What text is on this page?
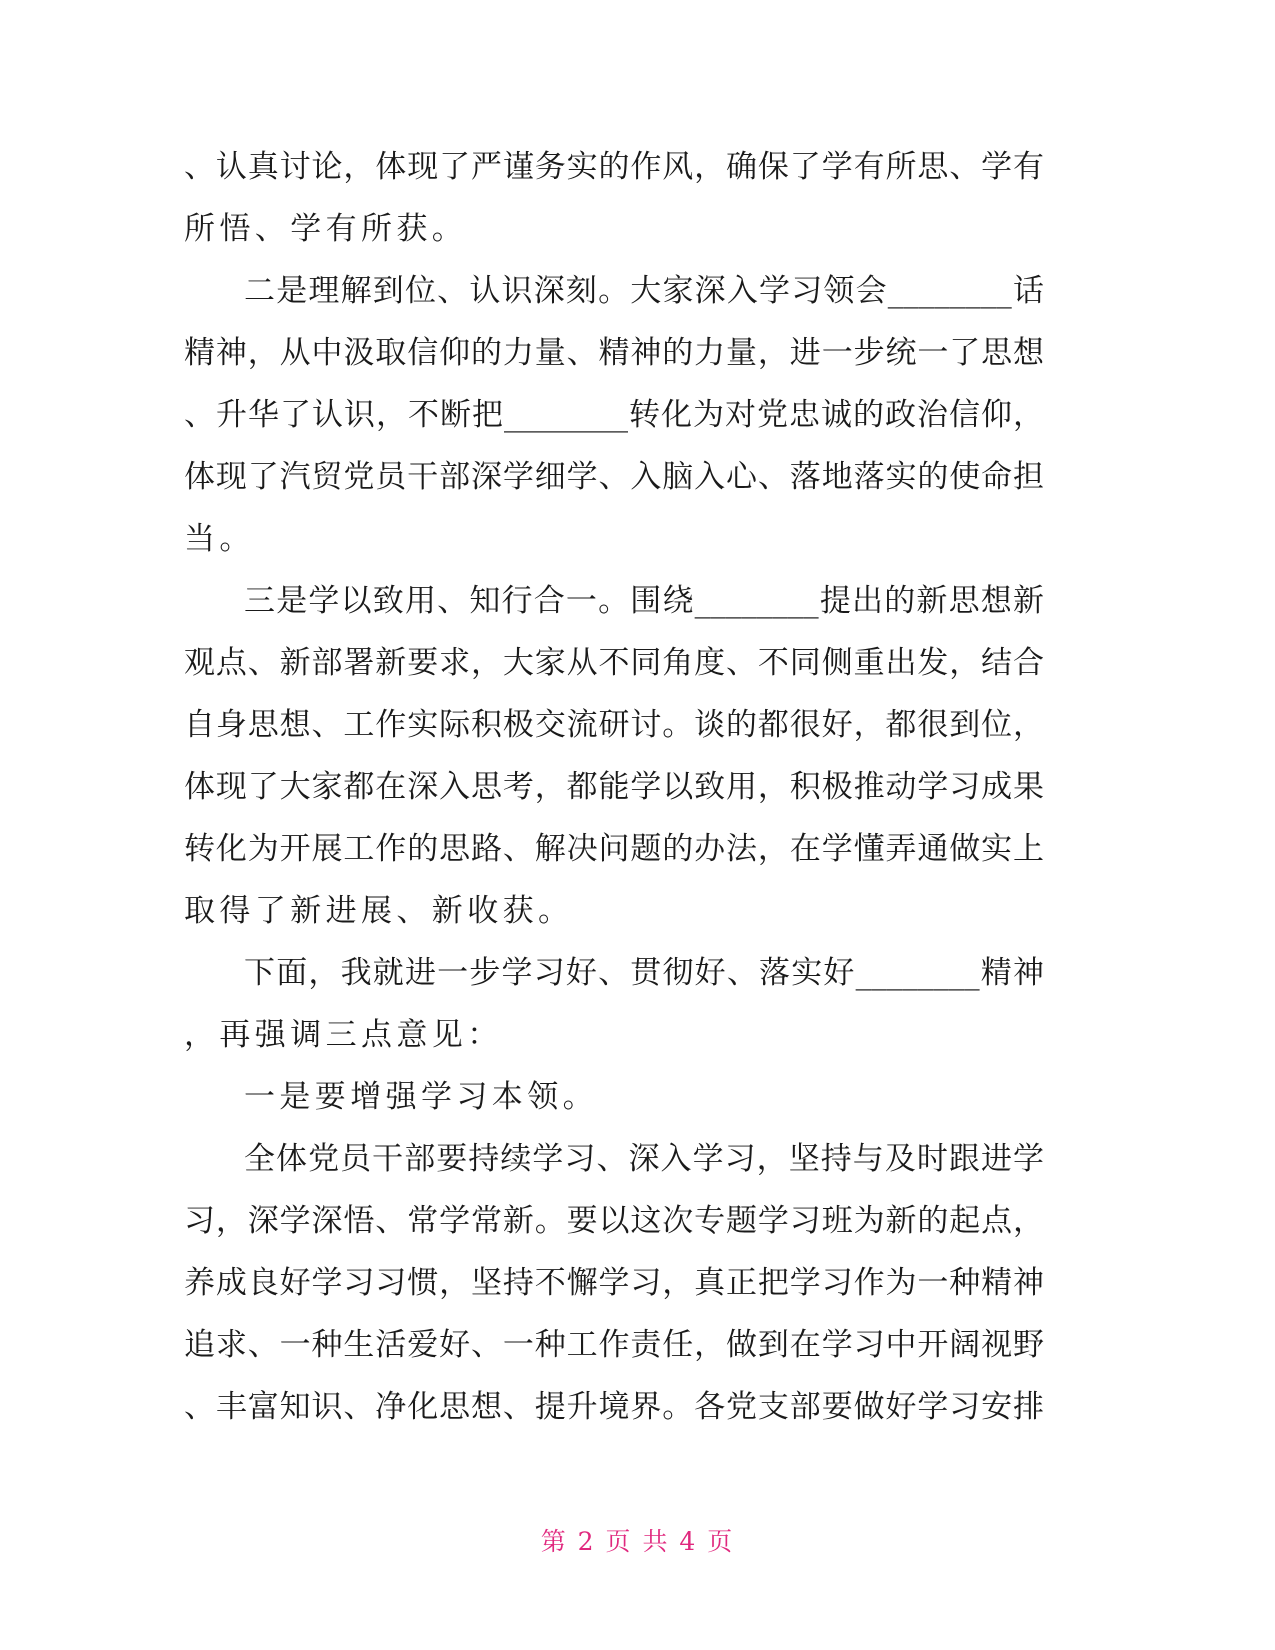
、认真讨论，体现了严谨务实的作风，确保了学有所思、学有
所悟、学有所获。
二是理解到位、认识深刻。大家深入学习领会________话
精神，从中汲取信仰的力量、精神的力量，进一步统一了思想
、升华了认识，不断把________转化为对党忠诚的政治信仰，
体现了汽贸党员干部深学细学、入脑入心、落地落实的使命担
当。
三是学以致用、知行合一。围绕________提出的新思想新
观点、新部署新要求，大家从不同角度、不同侧重出发，结合
自身思想、工作实际积极交流研讨。谈的都很好，都很到位，
体现了大家都在深入思考，都能学以致用，积极推动学习成果
转化为开展工作的思路、解决问题的办法，在学懂弄通做实上
取得了新进展、新收获。
下面，我就进一步学习好、贯彻好、落实好________精神
，再强调三点意见：
一是要增强学习本领。
全体党员干部要持续学习、深入学习，坚持与及时跟进学
习，深学深悟、常学常新。要以这次专题学习班为新的起点，
养成良好学习习惯，坚持不懈学习，真正把学习作为一种精神
追求、一种生活爱好、一种工作责任，做到在学习中开阔视野
、丰富知识、净化思想、提升境界。各党支部要做好学习安排
第 2 页 共 4 页
